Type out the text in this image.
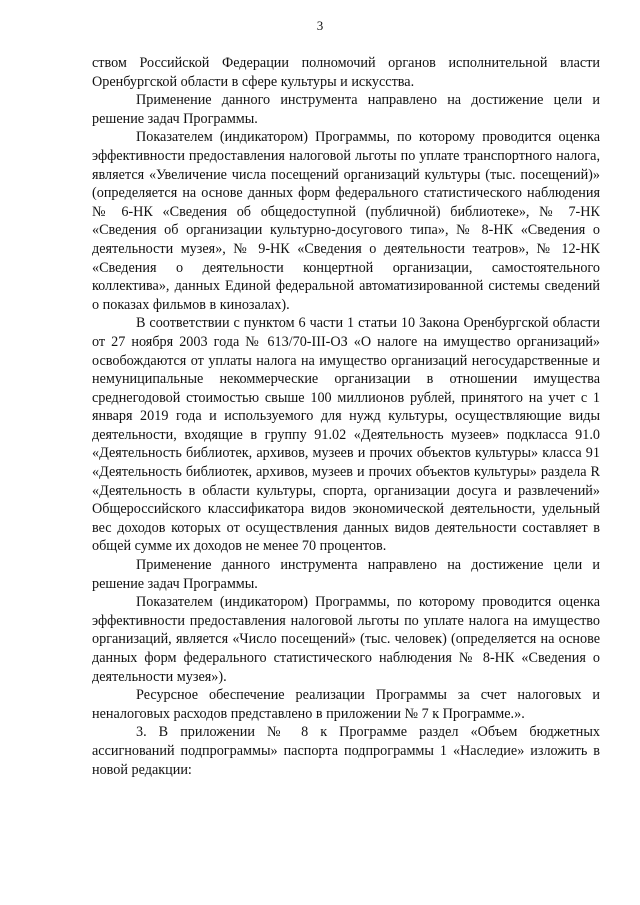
3

ством Российской Федерации полномочий органов исполнительной власти Оренбургской области в сфере культуры и искусства.

Применение данного инструмента направлено на достижение цели и решение задач Программы.

Показателем (индикатором) Программы, по которому проводится оценка эффективности предоставления налоговой льготы по уплате транспортного налога, является «Увеличение числа посещений организаций культуры (тыс. посещений)» (определяется на основе данных форм федерального статистического наблюдения № 6-НК «Сведения об общедоступной (публичной) библиотеке», № 7-НК «Сведения об организации культурно-досугового типа», № 8-НК «Сведения о деятельности музея», № 9-НК «Сведения о деятельности театров», № 12-НК «Сведения о деятельности концертной организации, самостоятельного коллектива», данных Единой федеральной автоматизированной системы сведений о показах фильмов в кинозалах).

В соответствии с пунктом 6 части 1 статьи 10 Закона Оренбургской области от 27 ноября 2003 года № 613/70-III-ОЗ «О налоге на имущество организаций» освобождаются от уплаты налога на имущество организаций негосударственные и немуниципальные некоммерческие организации в отношении имущества среднегодовой стоимостью свыше 100 миллионов рублей, принятого на учет с 1 января 2019 года и используемого для нужд культуры, осуществляющие виды деятельности, входящие в группу 91.02 «Деятельность музеев» подкласса 91.0 «Деятельность библиотек, архивов, музеев и прочих объектов культуры» класса 91 «Деятельность библиотек, архивов, музеев и прочих объектов культуры» раздела R «Деятельность в области культуры, спорта, организации досуга и развлечений» Общероссийского классификатора видов экономической деятельности, удельный вес доходов которых от осуществления данных видов деятельности составляет в общей сумме их доходов не менее 70 процентов.

Применение данного инструмента направлено на достижение цели и решение задач Программы.

Показателем (индикатором) Программы, по которому проводится оценка эффективности предоставления налоговой льготы по уплате налога на имущество организаций, является «Число посещений» (тыс. человек) (определяется на основе данных форм федерального статистического наблюдения № 8-НК «Сведения о деятельности музея»).

Ресурсное обеспечение реализации Программы за счет налоговых и неналоговых расходов представлено в приложении № 7 к Программе.».

3. В приложении № 8 к Программе раздел «Объем бюджетных ассигнований подпрограммы» паспорта подпрограммы 1 «Наследие» изложить в новой редакции:
